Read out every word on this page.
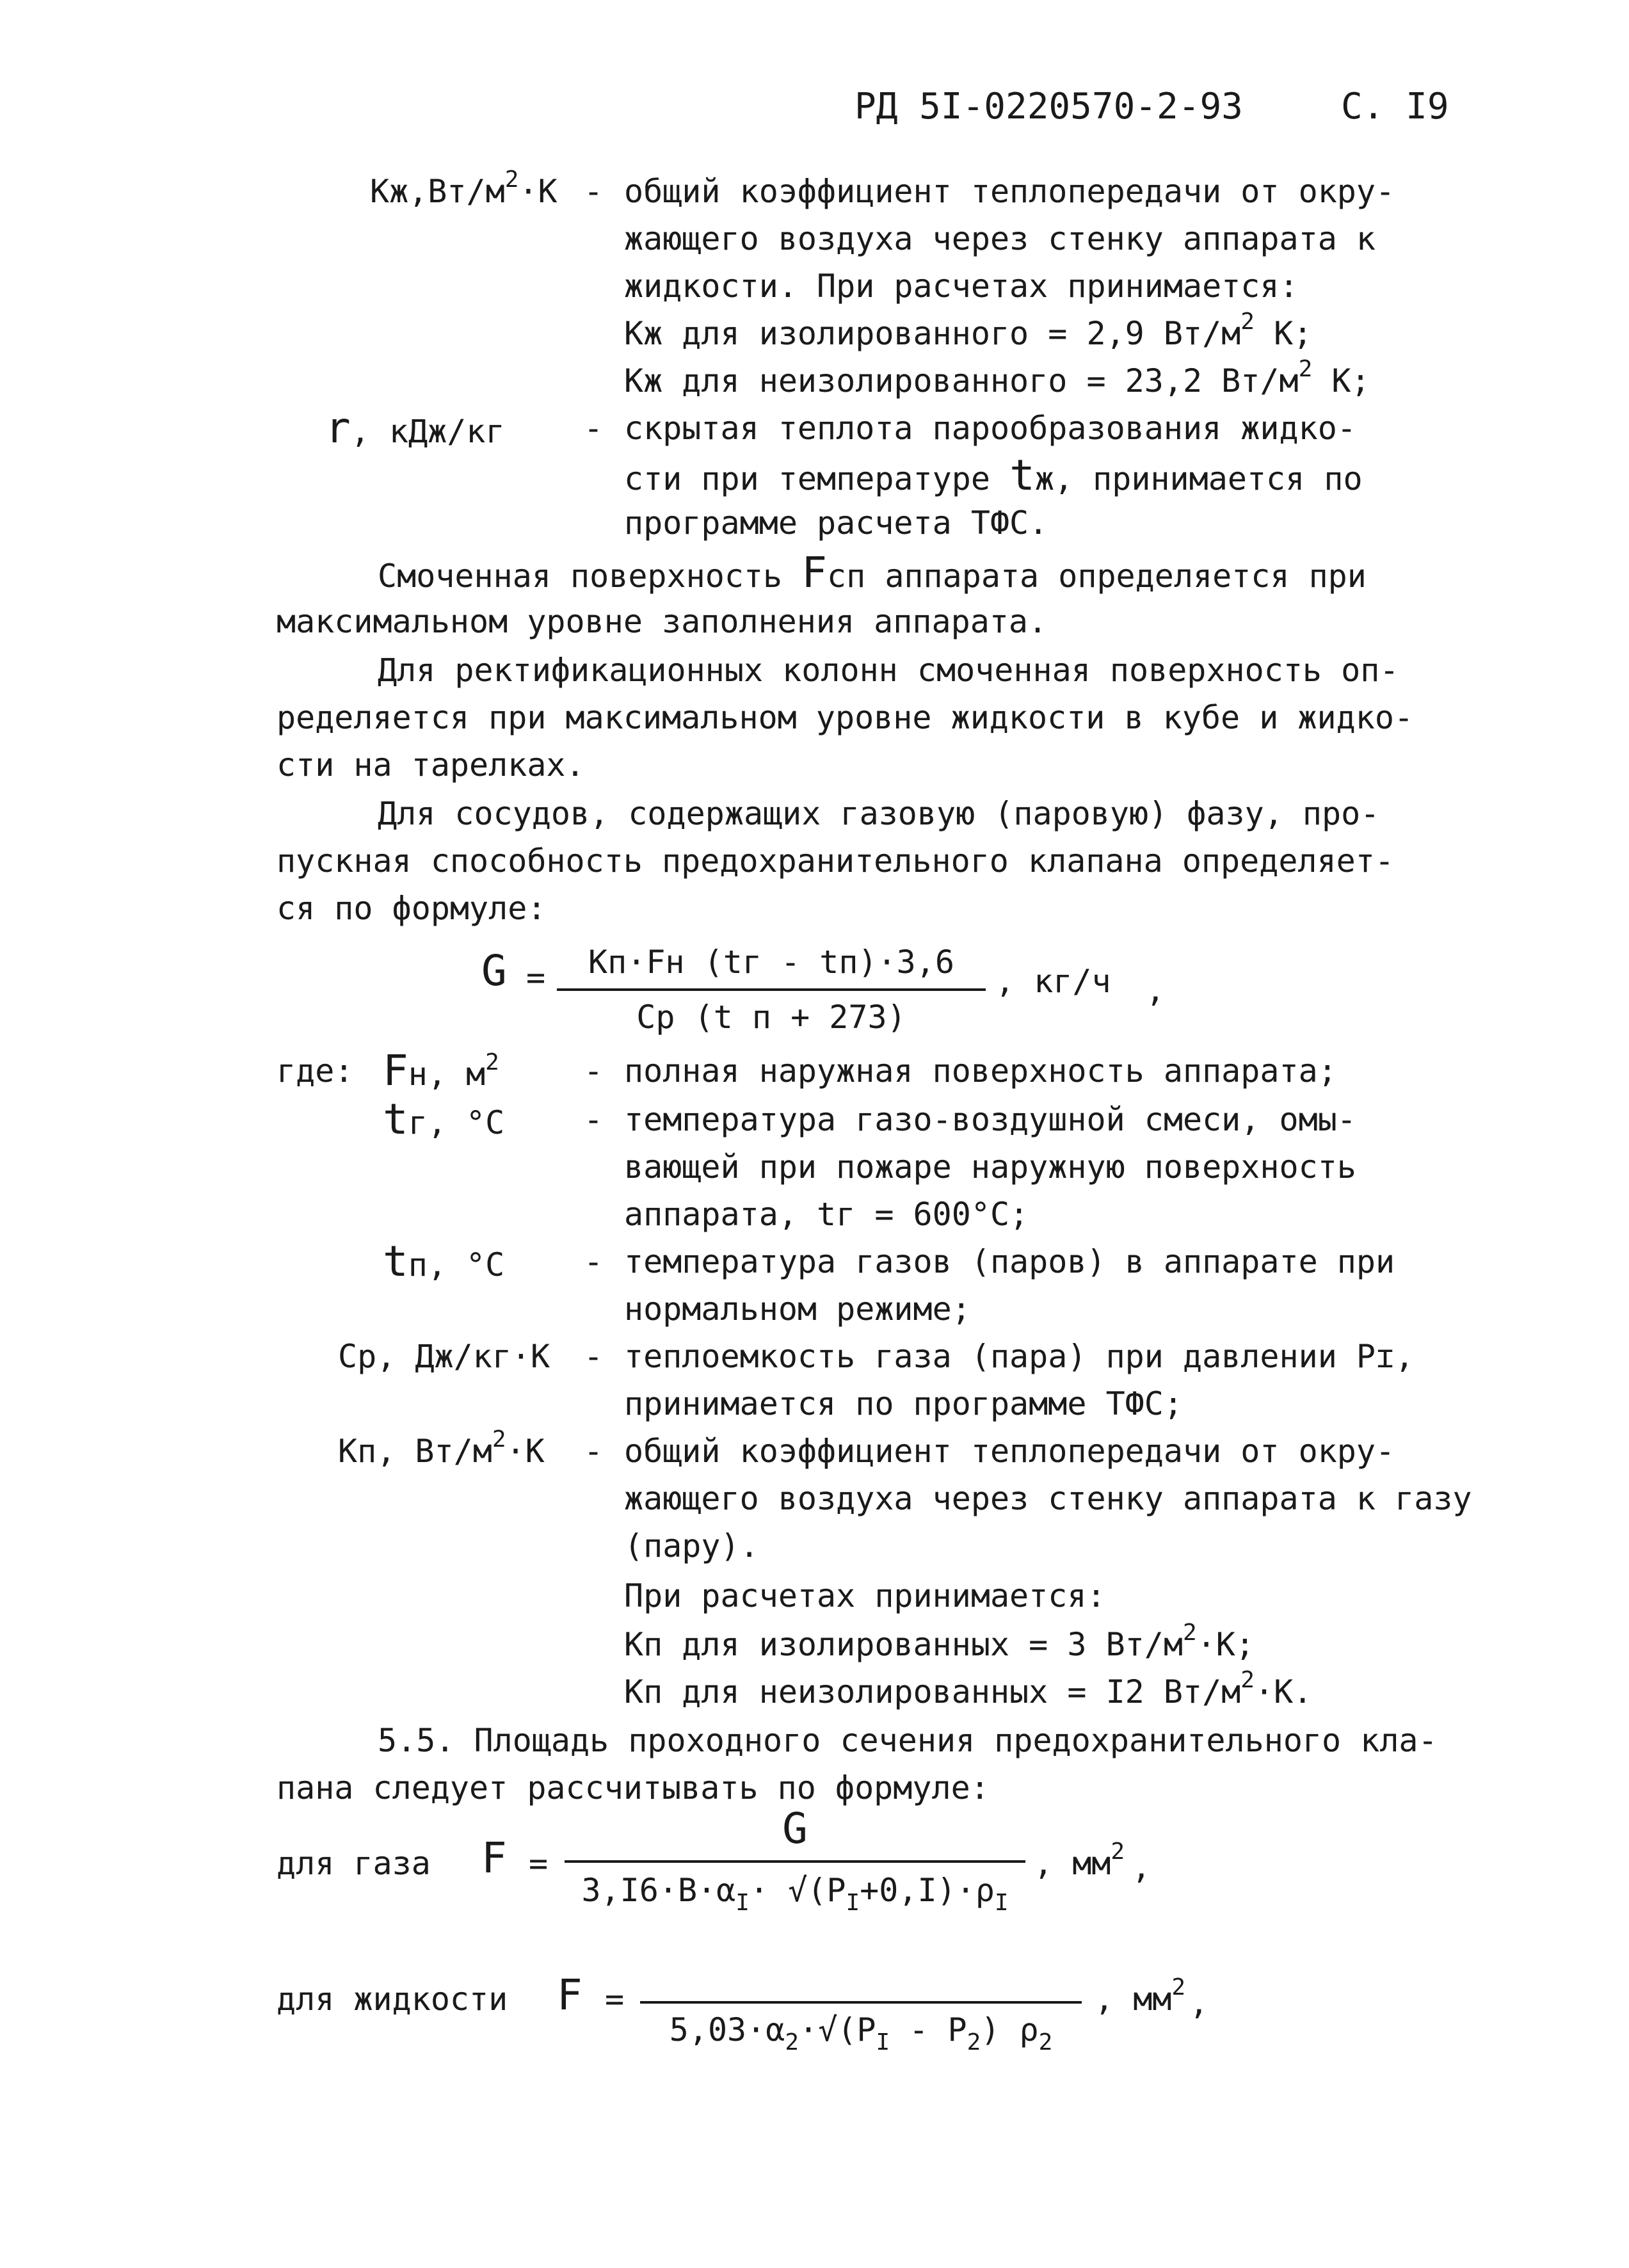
РД 5I-0220570-2-93	С. I9
$Кж,Вт/м^2\cdot К$ - общий коэффициент теплопередачи от окру-
жающего воздуха через стенку аппарата к
жидкости. При расчетах принимается:
Кж для изолированного = 2,9 $Вт/м^2$ К;
Кж для неизолированного = 23,2 $Вт/м^2$ К;
r, кДж/кг - скрытая теплота парообразования жидко-
сти при температуре tж, принимается по
программе расчета ТФС.
Смоченная поверхность Fсп аппарата определяется при
максимальном уровне заполнения аппарата.
Для ректификационных колонн смоченная поверхность оп-
ределяется при максимальном уровне жидкости в кубе и жидко-
сти на тарелках.
Для сосудов, содержащих газовую (паровую) фазу, про-
пускная способность предохранительного клапана определяет-
ся по формуле:
G =	Кп·Fн (tг - tп)·3,6
Ср (t п + 273)
, кг/ч ,
где: Fн, $м^2$	- полная наружная поверхность аппарата;
tг, °С - температура газо-воздушной смеси, омы-
вающей при пожаре наружную поверхность
аппарата, tг = 600°С;
tп, °С - температура газов (паров) в аппарате при
нормальном режиме;
Ср, Дж/кг·К - теплоемкость газа (пара) при давлении Pɪ,
принимается по программе ТФС;
Кп, $Вт/м^2\cdot К$ - общий коэффициент теплопередачи от окру-
жающего воздуха через стенку аппарата к газу
(пару).
При расчетах принимается:
Кп для изолированных = 3 $Вт/м^2\cdot К$;
Кп для неизолированных = I2 $Вт/м^2\cdot К$.
5.5. Площадь проходного сечения предохранительного кла-
пана следует рассчитывать по формуле:
для газа F =
G
$3,I6\cdot B\cdot\alpha_I\cdot √(P_I+0,I)\cdot\rho_I$
, $мм^2$ ,
для жидкости F =
$5,03\cdot\alpha_2\cdot√(P_I - P_2)$ $\rho_2$
, $мм^2$ ,
